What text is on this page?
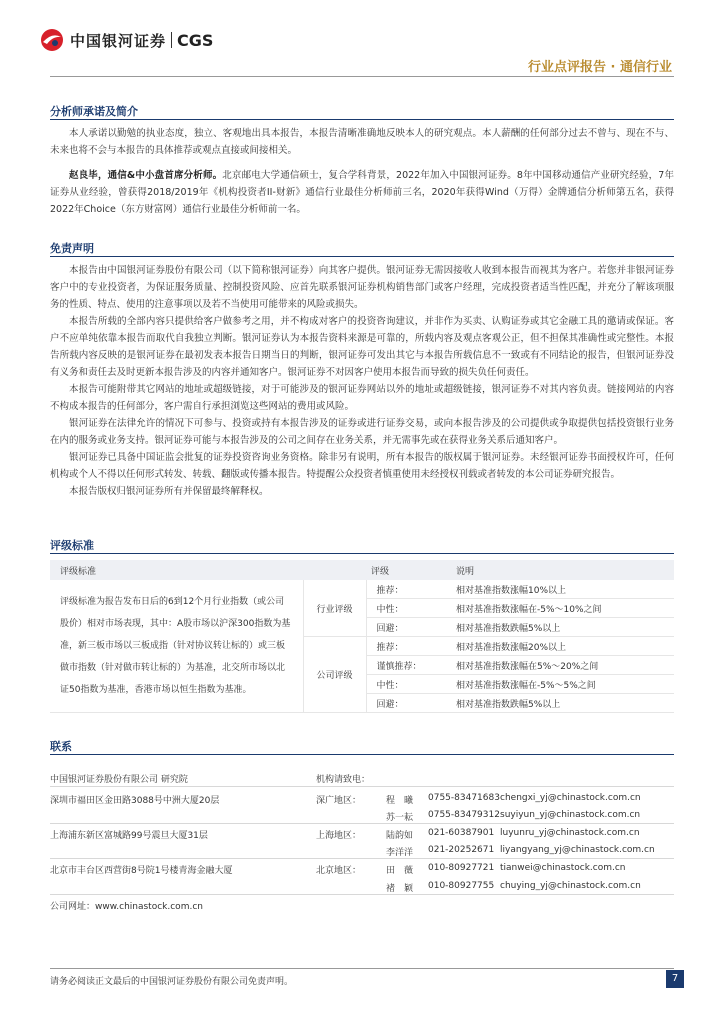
中国银河证券 CGS
行业点评报告 · 通信行业
分析师承诺及简介

本人承诺以勤勉的执业态度，独立、客观地出具本报告，本报告清晰准确地反映本人的研究观点。本人薪酬的任何部分过去不曾与、现在不与、未来也将不会与本报告的具体推荐或观点直接或间接相关。

赵良毕，通信&中小盘首席分析师。北京邮电大学通信硕士，复合学科背景，2022年加入中国银河证券。8年中国移动通信产业研究经验，7年证券从业经验，曾获得2018/2019年《机构投资者II-财新》通信行业最佳分析师前三名，2020年获得Wind（万得）金牌通信分析师第五名，获得2022年Choice（东方财富网）通信行业最佳分析师前一名。

免责声明

本报告由中国银河证券股份有限公司（以下简称银河证券）向其客户提供。银河证券无需因接收人收到本报告而视其为客户。若您并非银河证券客户中的专业投资者，为保证服务质量、控制投资风险、应首先联系银河证券机构销售部门或客户经理，完成投资者适当性匹配，并充分了解该项服务的性质、特点、使用的注意事项以及若不当使用可能带来的风险或损失。

本报告所载的全部内容只提供给客户做参考之用，并不构成对客户的投资咨询建议，并非作为买卖、认购证券或其它金融工具的邀请或保证。客户不应单纯依靠本报告而取代自我独立判断。银河证券认为本报告资料来源是可靠的，所载内容及观点客观公正，但不担保其准确性或完整性。本报告所载内容反映的是银河证券在最初发表本报告日期当日的判断，银河证券可发出其它与本报告所载信息不一致或有不同结论的报告，但银河证券没有义务和责任去及时更新本报告涉及的内容并通知客户。银河证券不对因客户使用本报告而导致的损失负任何责任。

本报告可能附带其它网站的地址或超级链接，对于可能涉及的银河证券网站以外的地址或超级链接，银河证券不对其内容负责。链接网站的内容不构成本报告的任何部分，客户需自行承担浏览这些网站的费用或风险。

银河证券在法律允许的情况下可参与、投资或持有本报告涉及的证券或进行证券交易，或向本报告涉及的公司提供或争取提供包括投资银行业务在内的服务或业务支持。银河证券可能与本报告涉及的公司之间存在业务关系，并无需事先或在获得业务关系后通知客户。

银河证券已具备中国证监会批复的证券投资咨询业务资格。除非另有说明，所有本报告的版权属于银河证券。未经银河证券书面授权许可，任何机构或个人不得以任何形式转发、转载、翻版或传播本报告。特提醒公众投资者慎重使用未经授权刊载或者转发的本公司证券研究报告。

本报告版权归银河证券所有并保留最终解释权。

评级标准
评级标准	评级		说明
评级标准为报告发布日后的6到12个月行业指数（或公司股价）相对市场表现，其中：A股市场以沪深300指数为基准，新三板市场以三板成指（针对协议转让标的）或三板做市指数（针对做市转让标的）为基准，北交所市场以北证50指数为基准，香港市场以恒生指数为基准。	行业评级	推荐：	相对基准指数涨幅10%以上
		中性：	相对基准指数涨幅在-5%～10%之间
		回避：	相对基准指数跌幅5%以上
	公司评级	推荐：	相对基准指数涨幅20%以上
		谨慎推荐：	相对基准指数涨幅在5%～20%之间
		中性：	相对基准指数涨幅在-5%～5%之间
		回避：	相对基准指数跌幅5%以上
联系
中国银河证券股份有限公司 研究院	机构请致电：
深圳市福田区金田路3088号中洲大厦20层	深广地区：	程　曦 0755-83471683 chengxi_yj@chinastock.com.cn
苏一耘 0755-83479312 suyiyun_yj@chinastock.com.cn
上海浦东新区富城路99号震旦大厦31层	上海地区：	陆韵如 021-60387901 luyunru_yj@chinastock.com.cn
李洋洋 021-20252671 liyangyang_yj@chinastock.com.cn
北京市丰台区西营街8号院1号楼青海金融大厦	北京地区：	田　薇 010-80927721 tianwei@chinastock.com.cn
褚　颖 010-80927755 chuying_yj@chinastock.com.cn
公司网址：www.chinastock.com.cn
请务必阅读正文最后的中国银河证券股份有限公司免责声明。	7
